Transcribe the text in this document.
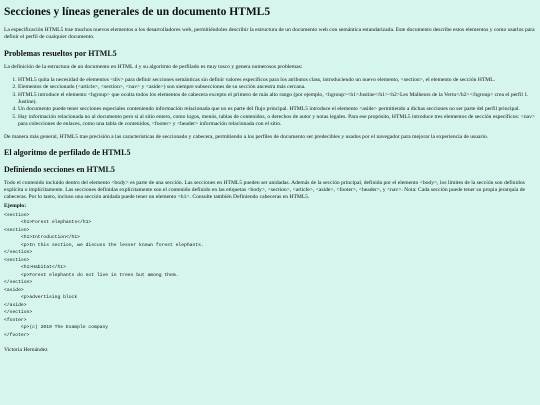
Secciones y líneas generales de un documento HTML5

La especificación HTML5 trae muchos nuevos elementos a los desarrolladores web, permitiéndoles describir la estructura de un documento web con semántica estandarizada. Este documento describe estos elementos y como usarlos para definir el perfil de cualquier documento.

Problemas resueltos por HTML5

La definición de la estructura de un documento en HTML 4 y su algoritmo de perfilado es muy tosco y genera numerosos problemas:

1. HTML5 quita la necesidad de elementos <div> para definir secciones semánticas sin definir valores específicos para los atributos class, introduciendo un nuevo elemento, <section>, el elemento de sección HTML.
2. Elementos de seccionado (<article>, <section>, <nav> y <aside>) son siempre subsecciones de su sección ancestra más cercana.
3. HTML5 introduce el elemento <hgroup> que oculta todos los elementos de cabecera excepto el primero de más alto rango (por ejemplo, <hgroup><h1>Justine</h1><h2>Les Malheurs de la Vertu</h2></hgroup> crea el perfil 1. Justine).
4. Un documento puede tener secciones especiales conteniendo información relacionada que no es parte del flujo principal. HTML5 introduce el elemento <aside> permitiendo a dichas secciones no ser parte del perfil principal.
5. Hay información relacionada no al documento pero si al sitio entero, como logos, menús, tablas de contenidos, o derechos de autor y notas legales. Para ese propósito, HTML5 introduce tres elementos de sección específicos: <nav> para colecciones de enlaces, como una tabla de contenidos, <footer> y <header> información relacionada con el sitio.

De manera más general, HTML5 trae precisión a las características de seccionado y cabecera, permitiendo a los perfiles de documento ser predecibles y usados por el navegador para mejorar la experiencia de usuario.

El algoritmo de perfilado de HTML5
Definiendo secciones en HTML5

Todo el contenido incluido dentro del elemento <body> es parte de una sección. Las secciones en HTML5 pueden ser anidadas. Además de la sección principal, definida por el elemento <body>, los límites de la sección son definidos explícita o implícitamente. Las secciones definidas explícitamente son el contenido definido en las etiquetas <body>, <section>, <article>, <aside>, <footer>, <header>, y <nav>. Nota: Cada sección puede tener su propia jerarquía de cabeceras. Por lo tanto, incluso una sección anidada puede tener un elemento <h1>. Consulte también Definiendo cabeceras en HTML5.

Ejemplo:
<section>
<h1>Forest elephants</h1>
<section>
<h1>Introduction</h1>
<p>In this section, we discuss the lesser known forest elephants.
</section>
<section>
<h1>Habitat</h1>
<p>Forest elephants do not live in trees but among them.
</section>
<aside>
<p>advertising block
</aside>
</section>
<footer>
<p>(c) 2010 The Example company
</footer>
Victoria Hernández
